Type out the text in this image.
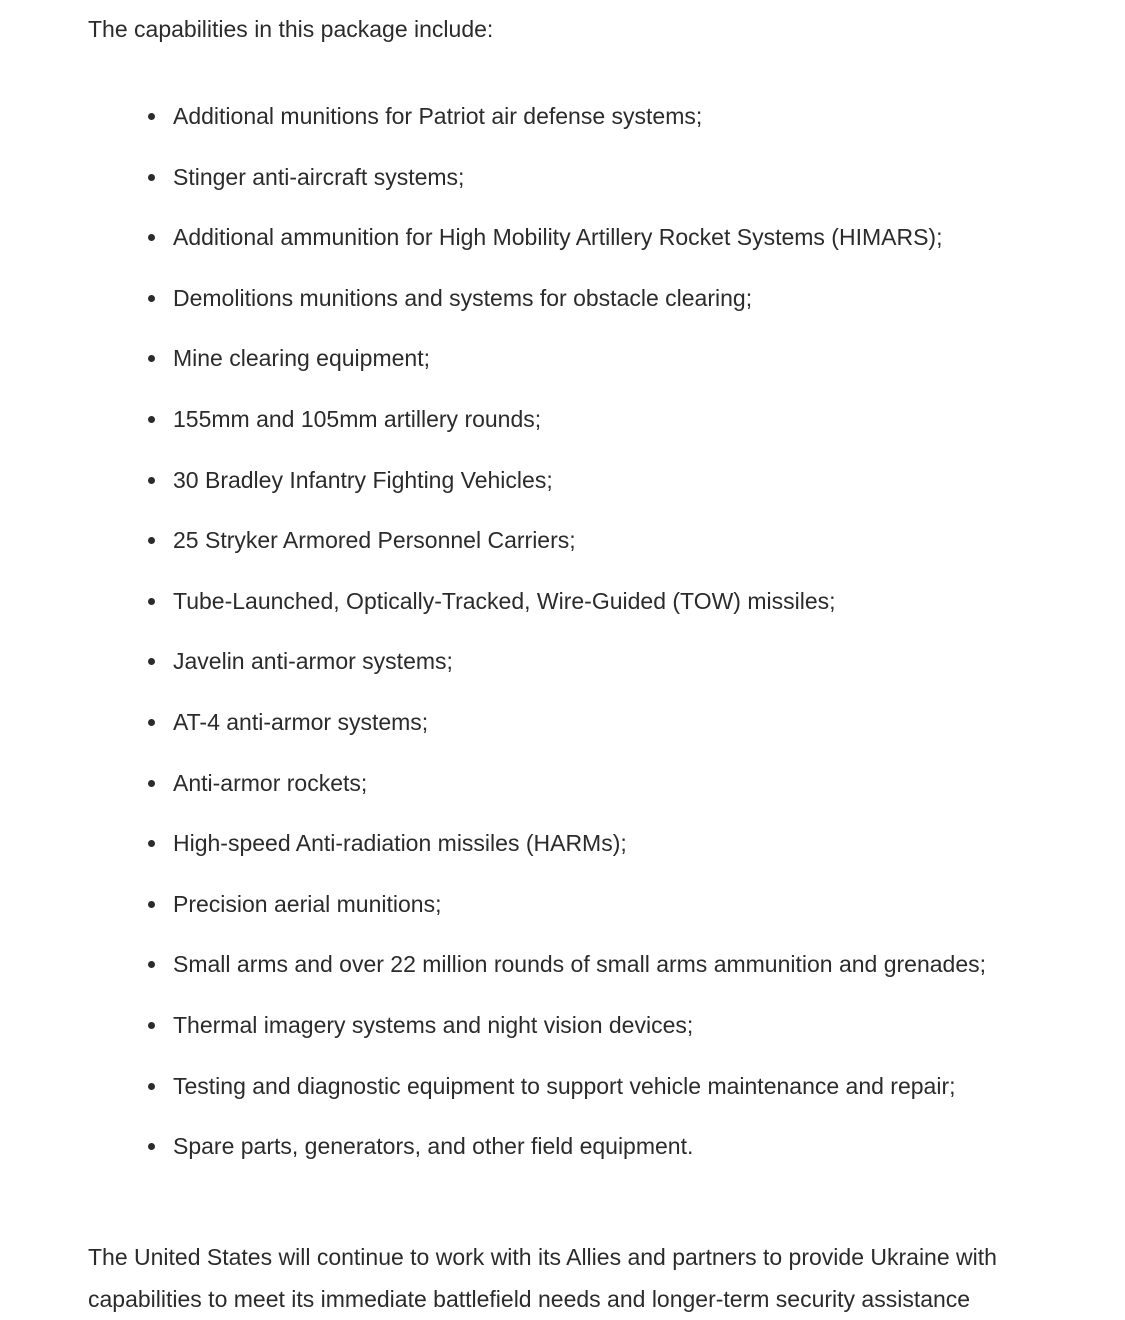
The capabilities in this package include:

Additional munitions for Patriot air defense systems;
Stinger anti-aircraft systems;
Additional ammunition for High Mobility Artillery Rocket Systems (HIMARS);
Demolitions munitions and systems for obstacle clearing;
Mine clearing equipment;
155mm and 105mm artillery rounds;
30 Bradley Infantry Fighting Vehicles;
25 Stryker Armored Personnel Carriers;
Tube-Launched, Optically-Tracked, Wire-Guided (TOW) missiles;
Javelin anti-armor systems;
AT-4 anti-armor systems;
Anti-armor rockets;
High-speed Anti-radiation missiles (HARMs);
Precision aerial munitions;
Small arms and over 22 million rounds of small arms ammunition and grenades;
Thermal imagery systems and night vision devices;
Testing and diagnostic equipment to support vehicle maintenance and repair;
Spare parts, generators, and other field equipment.

The United States will continue to work with its Allies and partners to provide Ukraine with capabilities to meet its immediate battlefield needs and longer-term security assistance
